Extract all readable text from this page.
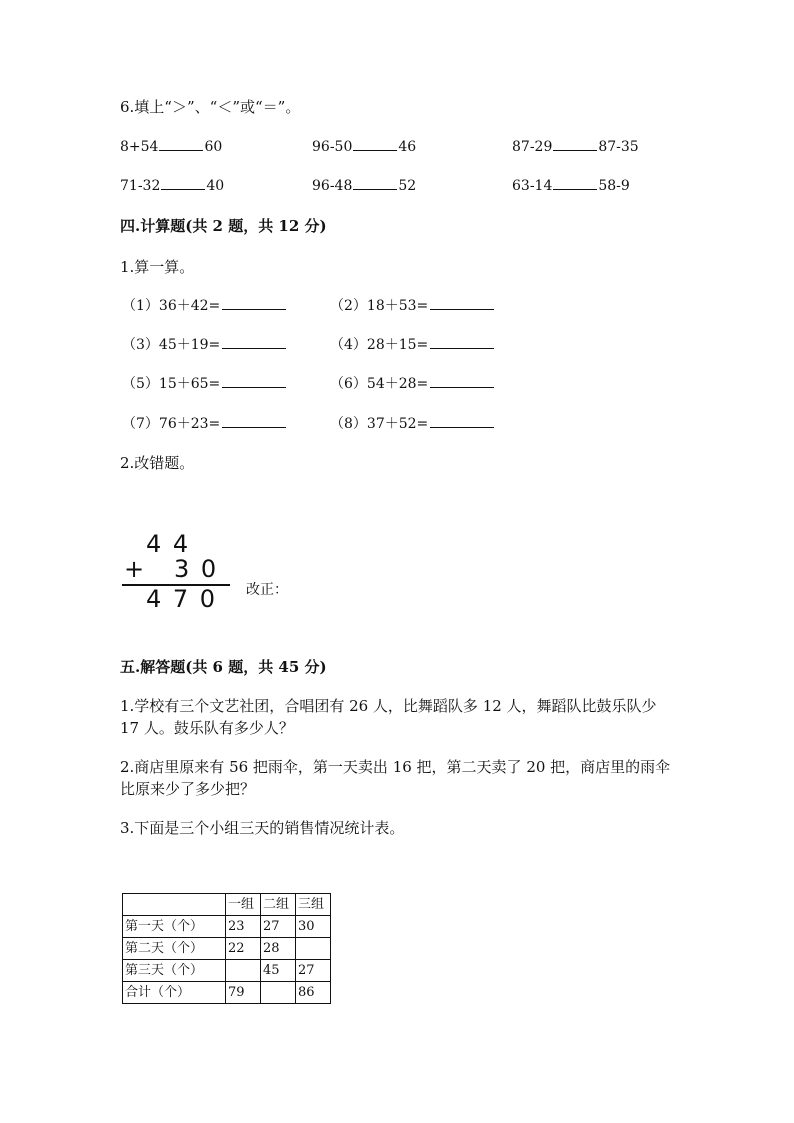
6.填上“＞”、“＜”或“＝”。
8+54	60	96-50	46	87-29	87-35
71-32	40	96-48	52	63-14	58-9
四.计算题(共 2 题，共 12 分)
1.算一算。
（1）36＋42=	（2）18＋53=
（3）45＋19=	（4）28＋15=
（5）15＋65=	（6）54＋28=
（7）76＋23=	（8）37＋52=
2.改错题。
4 4
+ 3 0
4 7 0 改正：
五.解答题(共 6 题，共 45 分)
1.学校有三个文艺社团，合唱团有 26 人，比舞蹈队多 12 人，舞蹈队比鼓乐队少 17 人。鼓乐队有多少人？
2.商店里原来有 56 把雨伞，第一天卖出 16 把，第二天卖了 20 把，商店里的雨伞比原来少了多少把？
3.下面是三个小组三天的销售情况统计表。
	一组	二组	三组
第一天（个）	23	27	30
第二天（个）	22	28	
第三天（个）		45	27
合计（个）	79		86
